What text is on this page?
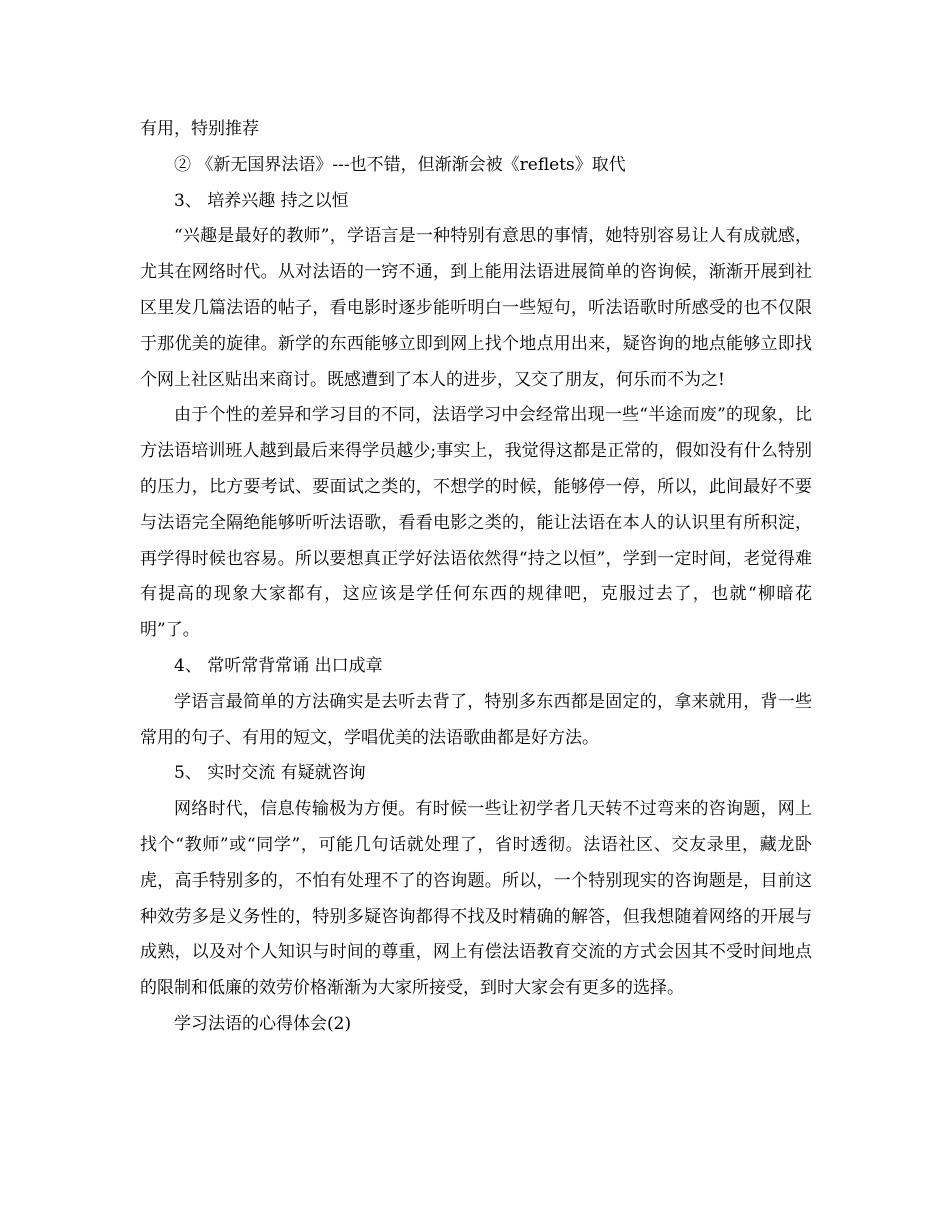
有用，特别推荐

② 《新无国界法语》---也不错，但渐渐会被《reflets》取代

3、 培养兴趣 持之以恒

“兴趣是最好的教师”，学语言是一种特别有意思的事情，她特别容易让人有成就感，尤其在网络时代。从对法语的一窍不通，到上能用法语进展简单的咨询候，渐渐开展到社区里发几篇法语的帖子，看电影时逐步能听明白一些短句，听法语歌时所感受的也不仅限于那优美的旋律。新学的东西能够立即到网上找个地点用出来，疑咨询的地点能够立即找个网上社区贴出来商讨。既感遭到了本人的进步，又交了朋友，何乐而不为之!

由于个性的差异和学习目的不同，法语学习中会经常出现一些“半途而废”的现象，比方法语培训班人越到最后来得学员越少;事实上，我觉得这都是正常的，假如没有什么特别的压力，比方要考试、要面试之类的，不想学的时候，能够停一停，所以，此间最好不要与法语完全隔绝能够听听法语歌，看看电影之类的，能让法语在本人的认识里有所积淀，再学得时候也容易。所以要想真正学好法语依然得“持之以恒”，学到一定时间，老觉得难有提高的现象大家都有，这应该是学任何东西的规律吧，克服过去了，也就“柳暗花明”了。

4、 常听常背常诵 出口成章

学语言最简单的方法确实是去听去背了，特别多东西都是固定的，拿来就用，背一些常用的句子、有用的短文，学唱优美的法语歌曲都是好方法。

5、 实时交流 有疑就咨询

网络时代，信息传输极为方便。有时候一些让初学者几天转不过弯来的咨询题，网上找个“教师”或“同学”，可能几句话就处理了，省时透彻。法语社区、交友录里，藏龙卧虎，高手特别多的，不怕有处理不了的咨询题。所以，一个特别现实的咨询题是，目前这种效劳多是义务性的，特别多疑咨询都得不找及时精确的解答，但我想随着网络的开展与成熟，以及对个人知识与时间的尊重，网上有偿法语教育交流的方式会因其不受时间地点的限制和低廉的效劳价格渐渐为大家所接受，到时大家会有更多的选择。

学习法语的心得体会(2)
